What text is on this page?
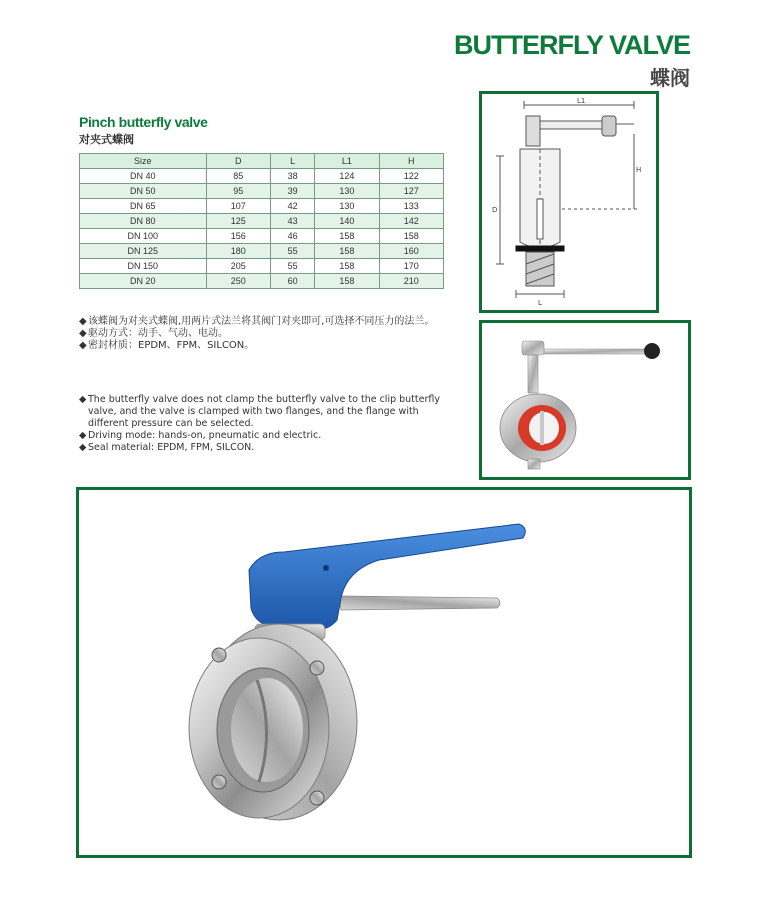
BUTTERFLY VALVE
蝶阀
Pinch butterfly valve
对夹式蝶阀
Size	D	L	L1	H
DN 40	85	38	124	122
DN 50	95	39	130	127
DN 65	107	42	130	133
DN 80	125	43	140	142
DN 100	156	46	158	158
DN 125	180	55	158	160
DN 150	205	55	158	170
DN 20	250	60	158	210

◆该蝶阀为对夹式蝶阀,用两片式法兰将其阀门对夹即可,可选择不同压力的法兰。

◆驱动方式：动手、气动、电动。

◆密封材质：EPDM、FPM、SILCON。

◆ The butterfly valve does not clamp the butterfly valve to the clip butterfly

valve, and the valve is clamped with two flanges, and the flange with

different pressure can be selected.

◆ Driving mode: hands-on, pneumatic and electric.

◆ Seal material: EPDM, FPM, SILCON.

L1
H
D
L
